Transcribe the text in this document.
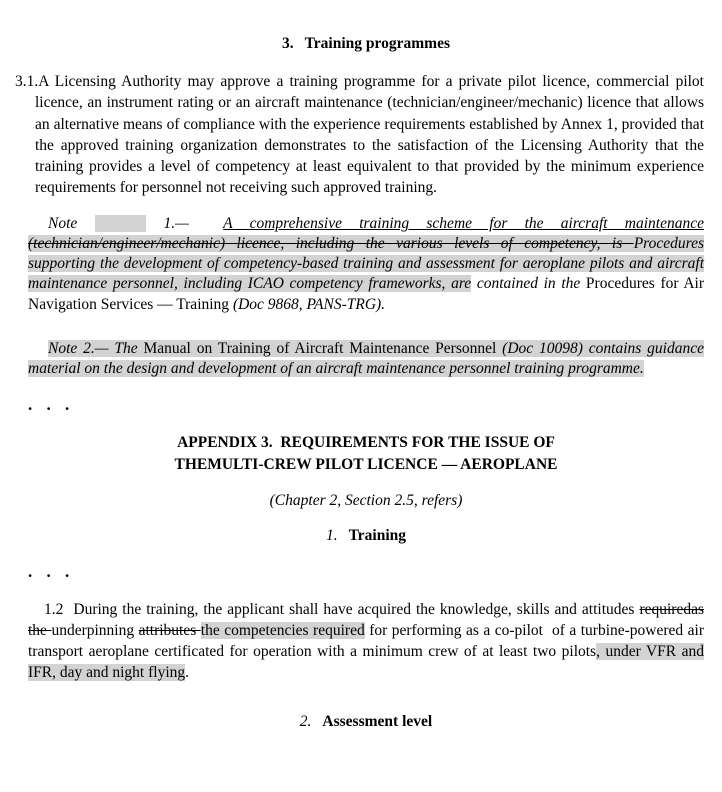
3. Training programmes

3.1.A Licensing Authority may approve a training programme for a private pilot licence, commercial pilot licence, an instrument rating or an aircraft maintenance (technician/engineer/mechanic) licence that allows an alternative means of compliance with the experience requirements established by Annex 1, provided that the approved training organization demonstrates to the satisfaction of the Licensing Authority that the training provides a level of competency at least equivalent to that provided by the minimum experience requirements for personnel not receiving such approved training.

Note	1.—  A comprehensive training scheme for the aircraft maintenance (technician/engineer/mechanic) licence, including the various levels of competency, is Procedures supporting the development of competency-based training and assessment for aeroplane pilots and aircraft maintenance personnel, including ICAO competency frameworks, are contained in the Procedures for Air Navigation Services — Training (Doc 9868, PANS-TRG).

Note 2.— The Manual on Training of Aircraft Maintenance Personnel (Doc 10098) contains guidance material on the design and development of an aircraft maintenance personnel training programme.

. . .

APPENDIX 3.  REQUIREMENTS FOR THE ISSUE OF
THEMULTI-CREW PILOT LICENCE — AEROPLANE

(Chapter 2, Section 2.5, refers)

1. Training

. . .

1.2  During the training, the applicant shall have acquired the knowledge, skills and attitudes requiredas the underpinning attributes the competencies required for performing as a co-pilot  of a turbine-powered air transport aeroplane certificated for operation with a minimum crew of at least two pilots, under VFR and IFR, day and night flying.

2. Assessment level
